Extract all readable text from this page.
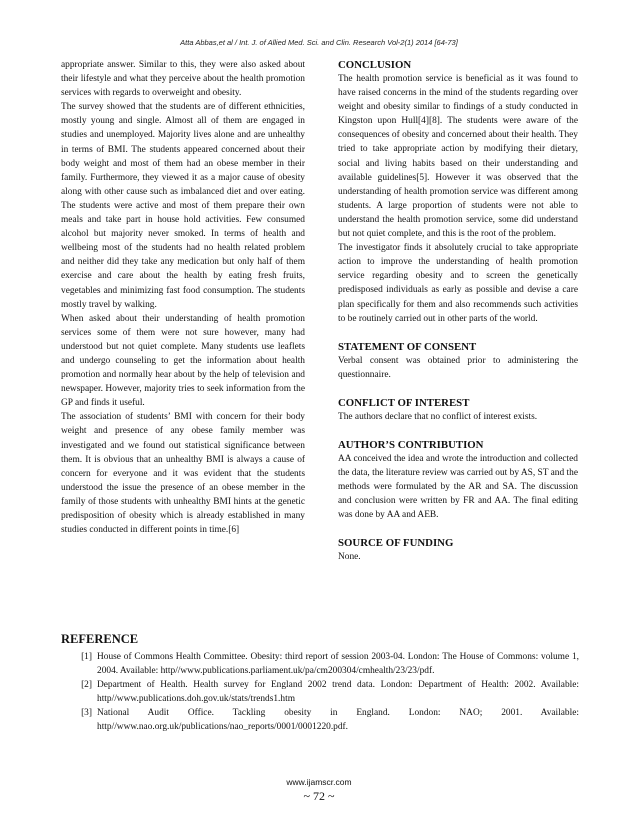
Atta Abbas,et al / Int. J. of Allied Med. Sci. and Clin. Research Vol-2(1) 2014 [64-73]

appropriate answer. Similar to this, they were also asked about their lifestyle and what they perceive about the health promotion services with regards to overweight and obesity.

The survey showed that the students are of different ethnicities, mostly young and single. Almost all of them are engaged in studies and unemployed. Majority lives alone and are unhealthy in terms of BMI. The students appeared concerned about their body weight and most of them had an obese member in their family. Furthermore, they viewed it as a major cause of obesity along with other cause such as imbalanced diet and over eating. The students were active and most of them prepare their own meals and take part in house hold activities. Few consumed alcohol but majority never smoked. In terms of health and wellbeing most of the students had no health related problem and neither did they take any medication but only half of them exercise and care about the health by eating fresh fruits, vegetables and minimizing fast food consumption. The students mostly travel by walking.

When asked about their understanding of health promotion services some of them were not sure however, many had understood but not quiet complete. Many students use leaflets and undergo counseling to get the information about health promotion and normally hear about by the help of television and newspaper. However, majority tries to seek information from the GP and finds it useful.

The association of students’ BMI with concern for their body weight and presence of any obese family member was investigated and we found out statistical significance between them. It is obvious that an unhealthy BMI is always a cause of concern for everyone and it was evident that the students understood the issue the presence of an obese member in the family of those students with unhealthy BMI hints at the genetic predisposition of obesity which is already established in many studies conducted in different points in time.[6]

CONCLUSION

The health promotion service is beneficial as it was found to have raised concerns in the mind of the students regarding over weight and obesity similar to findings of a study conducted in Kingston upon Hull[4][8]. The students were aware of the consequences of obesity and concerned about their health. They tried to take appropriate action by modifying their dietary, social and living habits based on their understanding and available guidelines[5]. However it was observed that the understanding of health promotion service was different among students. A large proportion of students were not able to understand the health promotion service, some did understand but not quiet complete, and this is the root of the problem.

The investigator finds it absolutely crucial to take appropriate action to improve the understanding of health promotion service regarding obesity and to screen the genetically predisposed individuals as early as possible and devise a care plan specifically for them and also recommends such activities to be routinely carried out in other parts of the world.

STATEMENT OF CONSENT

Verbal consent was obtained prior to administering the questionnaire.

CONFLICT OF INTEREST

The authors declare that no conflict of interest exists.

AUTHOR’S CONTRIBUTION

AA conceived the idea and wrote the introduction and collected the data, the literature review was carried out by AS, ST and the methods were formulated by the AR and SA. The discussion and conclusion were written by FR and AA. The final editing was done by AA and AEB.

SOURCE OF FUNDING

None.

REFERENCE
[1] House of Commons Health Committee. Obesity: third report of session 2003-04. London: The House of Commons: volume 1, 2004. Available: http//www.publications.parliament.uk/pa/cm200304/cmhealth/23/23/pdf.
[2] Department of Health. Health survey for England 2002 trend data. London: Department of Health: 2002. Available: http//www.publications.doh.gov.uk/stats/trends1.htm
[3] National Audit Office. Tackling obesity in England. London: NAO; 2001. Available: http//www.nao.org.uk/publications/nao_reports/0001/0001220.pdf.
www.ijamscr.com
~ 72 ~
